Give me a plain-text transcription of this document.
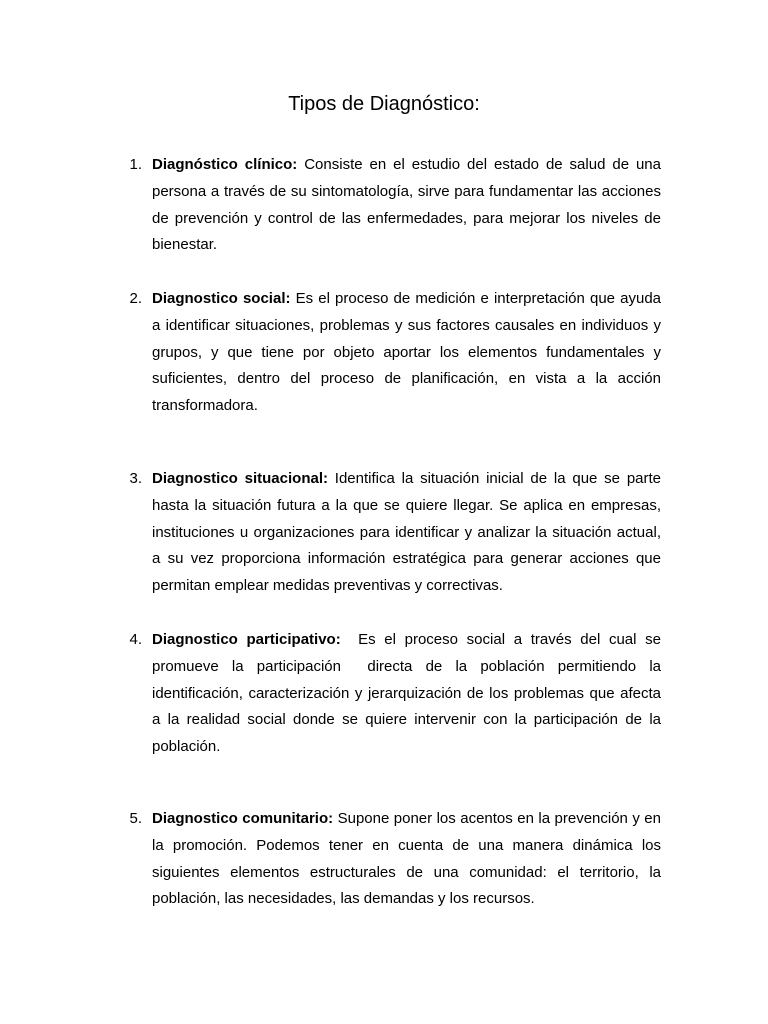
Tipos de Diagnóstico:
1. Diagnóstico clínico: Consiste en el estudio del estado de salud de una persona a través de su sintomatología, sirve para fundamentar las acciones de prevención y control de las enfermedades, para mejorar los niveles de bienestar.
2. Diagnostico social: Es el proceso de medición e interpretación que ayuda a identificar situaciones, problemas y sus factores causales en individuos y grupos, y que tiene por objeto aportar los elementos fundamentales y suficientes, dentro del proceso de planificación, en vista a la acción transformadora.
3. Diagnostico situacional: Identifica la situación inicial de la que se parte hasta la situación futura a la que se quiere llegar. Se aplica en empresas, instituciones u organizaciones para identificar y analizar la situación actual, a su vez proporciona información estratégica para generar acciones que permitan emplear medidas preventivas y correctivas.
4. Diagnostico participativo:  Es el proceso social a través del cual se promueve la participación  directa de la población permitiendo la identificación, caracterización y jerarquización de los problemas que afecta a la realidad social donde se quiere intervenir con la participación de la población.
5. Diagnostico comunitario: Supone poner los acentos en la prevención y en la promoción. Podemos tener en cuenta de una manera dinámica los siguientes elementos estructurales de una comunidad: el territorio, la población, las necesidades, las demandas y los recursos.
